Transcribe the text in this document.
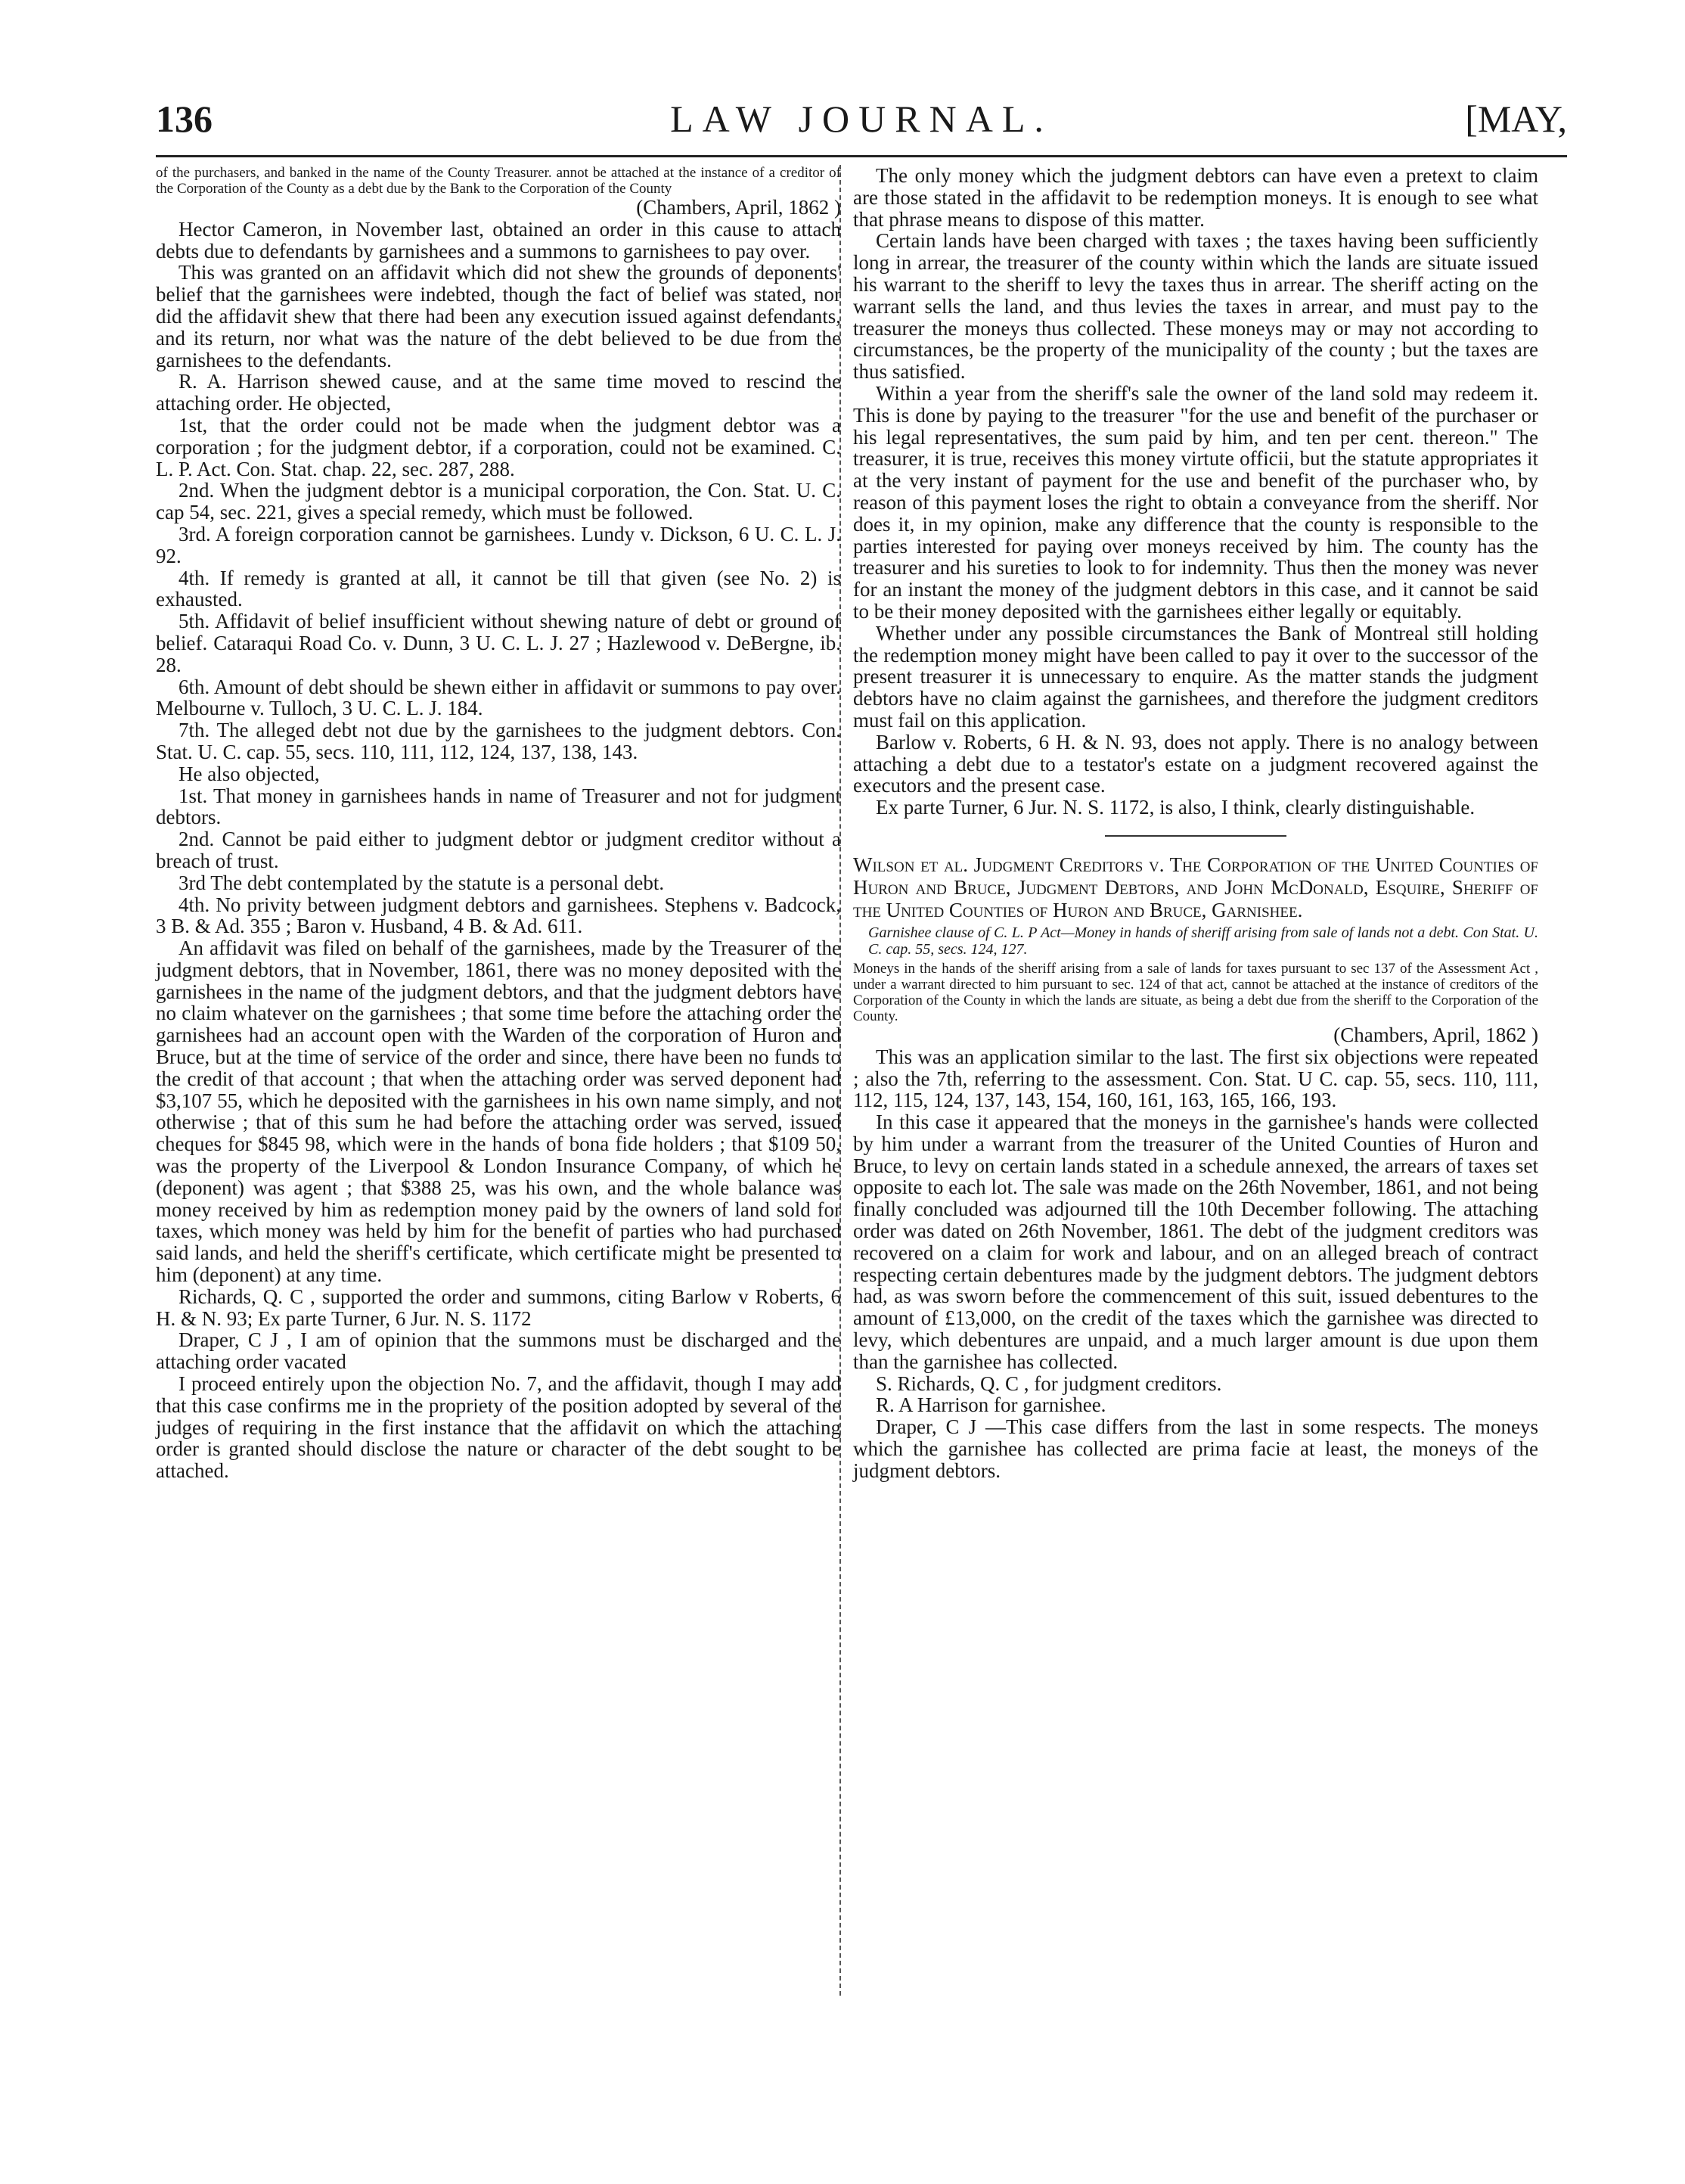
136	LAW JOURNAL.	[MAY,

of the purchasers, and banked in the name of the County Treasurer. annot be attached at the instance of a creditor of the Corporation of the County as a debt due by the Bank to the Corporation of the County

(Chambers, April, 1862 )

Hector Cameron, in November last, obtained an order in this cause to attach debts due to defendants by garnishees and a summons to garnishees to pay over.

This was granted on an affidavit which did not shew the grounds of deponents' belief that the garnishees were indebted, though the fact of belief was stated, nor did the affidavit shew that there had been any execution issued against defendants, and its return, nor what was the nature of the debt believed to be due from the garnishees to the defendants.

R. A. Harrison shewed cause, and at the same time moved to rescind the attaching order. He objected,

1st, that the order could not be made when the judgment debtor was a corporation ; for the judgment debtor, if a corporation, could not be examined. C. L. P. Act. Con. Stat. chap. 22, sec. 287, 288.

2nd. When the judgment debtor is a municipal corporation, the Con. Stat. U. C. cap 54, sec. 221, gives a special remedy, which must be followed.

3rd. A foreign corporation cannot be garnishees. Lundy v. Dickson, 6 U. C. L. J. 92.

4th. If remedy is granted at all, it cannot be till that given (see No. 2) is exhausted.

5th. Affidavit of belief insufficient without shewing nature of debt or ground of belief. Cataraqui Road Co. v. Dunn, 3 U. C. L. J. 27 ; Hazlewood v. DeBergne, ib. 28.

6th. Amount of debt should be shewn either in affidavit or summons to pay over. Melbourne v. Tulloch, 3 U. C. L. J. 184.

7th. The alleged debt not due by the garnishees to the judgment debtors. Con. Stat. U. C. cap. 55, secs. 110, 111, 112, 124, 137, 138, 143.

He also objected,

1st. That money in garnishees hands in name of Treasurer and not for judgment debtors.

2nd. Cannot be paid either to judgment debtor or judgment creditor without a breach of trust.

3rd The debt contemplated by the statute is a personal debt.

4th. No privity between judgment debtors and garnishees. Stephens v. Badcock, 3 B. & Ad. 355 ; Baron v. Husband, 4 B. & Ad. 611.

An affidavit was filed on behalf of the garnishees, made by the Treasurer of the judgment debtors, that in November, 1861, there was no money deposited with the garnishees in the name of the judgment debtors, and that the judgment debtors have no claim whatever on the garnishees ; that some time before the attaching order the garnishees had an account open with the Warden of the corporation of Huron and Bruce, but at the time of service of the order and since, there have been no funds to the credit of that account ; that when the attaching order was served deponent had $3,107 55, which he deposited with the garnishees in his own name simply, and not otherwise ; that of this sum he had before the attaching order was served, issued cheques for $845 98, which were in the hands of bona fide holders ; that $109 50, was the property of the Liverpool & London Insurance Company, of which he (deponent) was agent ; that $388 25, was his own, and the whole balance was money received by him as redemption money paid by the owners of land sold for taxes, which money was held by him for the benefit of parties who had purchased said lands, and held the sheriff's certificate, which certificate might be presented to him (deponent) at any time.

Richards, Q. C , supported the order and summons, citing Barlow v Roberts, 6 H. & N. 93; Ex parte Turner, 6 Jur. N. S. 1172

Draper, C J , I am of opinion that the summons must be discharged and the attaching order vacated

I proceed entirely upon the objection No. 7, and the affidavit, though I may add that this case confirms me in the propriety of the position adopted by several of the judges of requiring in the first instance that the affidavit on which the attaching order is granted should disclose the nature or character of the debt sought to be attached.

The only money which the judgment debtors can have even a pretext to claim are those stated in the affidavit to be redemption moneys. It is enough to see what that phrase means to dispose of this matter.

Certain lands have been charged with taxes ; the taxes having been sufficiently long in arrear, the treasurer of the county within which the lands are situate issued his warrant to the sheriff to levy the taxes thus in arrear. The sheriff acting on the warrant sells the land, and thus levies the taxes in arrear, and must pay to the treasurer the moneys thus collected. These moneys may or may not according to circumstances, be the property of the municipality of the county ; but the taxes are thus satisfied.

Within a year from the sheriff's sale the owner of the land sold may redeem it. This is done by paying to the treasurer "for the use and benefit of the purchaser or his legal representatives, the sum paid by him, and ten per cent. thereon." The treasurer, it is true, receives this money virtute officii, but the statute appropriates it at the very instant of payment for the use and benefit of the purchaser who, by reason of this payment loses the right to obtain a conveyance from the sheriff. Nor does it, in my opinion, make any difference that the county is responsible to the parties interested for paying over moneys received by him. The county has the treasurer and his sureties to look to for indemnity. Thus then the money was never for an instant the money of the judgment debtors in this case, and it cannot be said to be their money deposited with the garnishees either legally or equitably.

Whether under any possible circumstances the Bank of Montreal still holding the redemption money might have been called to pay it over to the successor of the present treasurer it is unnecessary to enquire. As the matter stands the judgment debtors have no claim against the garnishees, and therefore the judgment creditors must fail on this application.

Barlow v. Roberts, 6 H. & N. 93, does not apply. There is no analogy between attaching a debt due to a testator's estate on a judgment recovered against the executors and the present case.

Ex parte Turner, 6 Jur. N. S. 1172, is also, I think, clearly distinguishable.

Wilson et al. Judgment Creditors v. The Corporation of the United Counties of Huron and Bruce, Judgment Debtors, and John McDonald, Esquire, Sheriff of the United Counties of Huron and Bruce, Garnishee.

Garnishee clause of C. L. P Act—Money in hands of sheriff arising from sale of lands not a debt. Con Stat. U. C. cap. 55, secs. 124, 127.

Moneys in the hands of the sheriff arising from a sale of lands for taxes pursuant to sec 137 of the Assessment Act , under a warrant directed to him pursuant to sec. 124 of that act, cannot be attached at the instance of creditors of the Corporation of the County in which the lands are situate, as being a debt due from the sheriff to the Corporation of the County.

(Chambers, April, 1862 )

This was an application similar to the last. The first six objections were repeated ; also the 7th, referring to the assessment. Con. Stat. U C. cap. 55, secs. 110, 111, 112, 115, 124, 137, 143, 154, 160, 161, 163, 165, 166, 193.

In this case it appeared that the moneys in the garnishee's hands were collected by him under a warrant from the treasurer of the United Counties of Huron and Bruce, to levy on certain lands stated in a schedule annexed, the arrears of taxes set opposite to each lot. The sale was made on the 26th November, 1861, and not being finally concluded was adjourned till the 10th December following. The attaching order was dated on 26th November, 1861. The debt of the judgment creditors was recovered on a claim for work and labour, and on an alleged breach of contract respecting certain debentures made by the judgment debtors. The judgment debtors had, as was sworn before the commencement of this suit, issued debentures to the amount of £13,000, on the credit of the taxes which the garnishee was directed to levy, which debentures are unpaid, and a much larger amount is due upon them than the garnishee has collected.

S. Richards, Q. C , for judgment creditors.

R. A Harrison for garnishee.

Draper, C J —This case differs from the last in some respects. The moneys which the garnishee has collected are prima facie at least, the moneys of the judgment debtors.
